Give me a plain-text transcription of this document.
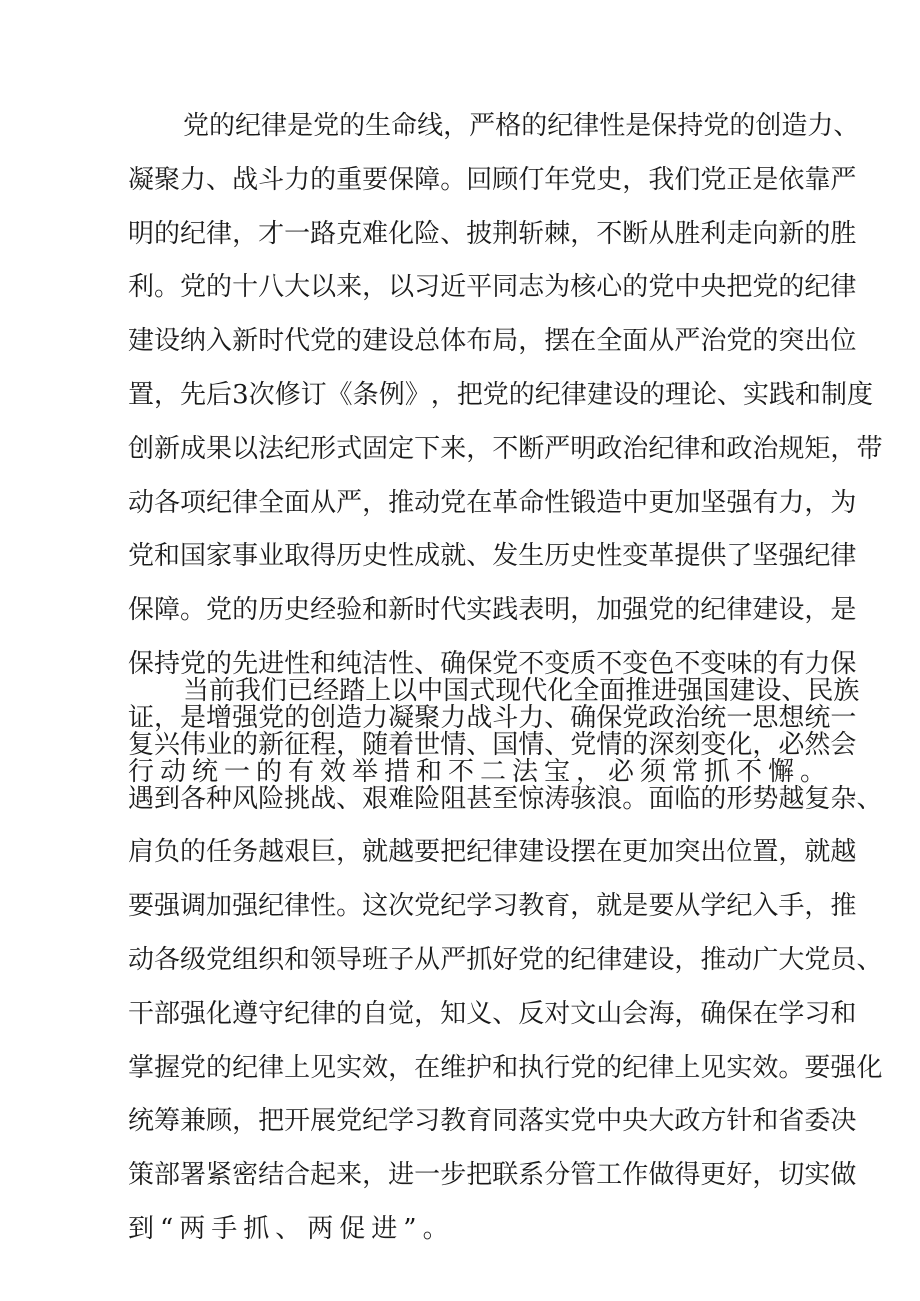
党 的 纪 律 是 党 的 生 命 线 ， 严 格 的 纪 律 性 是 保 持 党 的 创 造 力 、
凝 聚 力 、 战 斗 力 的 重 要 保 障 。 回 顾 仃 年 党 史 ， 我 们 党 正 是 依 靠 严
明 的 纪 律 ， 才 一 路 克 难 化 险 、 披 荆 斩 棘 ， 不 断 从 胜 利 走 向 新 的 胜
利 。 党 的 十 八 大 以 来 ， 以 习 近 平 同 志 为 核 心 的 党 中 央 把 党 的 纪 律
建 设 纳 入 新 时 代 党 的 建 设 总 体 布 局 ， 摆 在 全 面 从 严 治 党 的 突 出 位
置 ， 先 后 3 次 修 订 《 条 例 》 ， 把 党 的 纪 律 建 设 的 理 论 、 实 践 和 制 度
创 新 成 果 以 法 纪 形 式 固 定 下 来 ， 不 断 严 明 政 治 纪 律 和 政 治 规 矩 ， 带
动 各 项 纪 律 全 面 从 严 ， 推 动 党 在 革 命 性 锻 造 中 更 加 坚 强 有 力 ， 为
党 和 国 家 事 业 取 得 历 史 性 成 就 、 发 生 历 史 性 变 革 提 供 了 坚 强 纪 律
保 障 。 党 的 历 史 经 验 和 新 时 代 实 践 表 明 ， 加 强 党 的 纪 律 建 设 ， 是
保 持 党 的 先 进 性 和 纯 洁 性 、 确 保 党 不 变 质 不 变 色 不 变 味 的 有 力 保
证 ， 是 增 强 党 的 创 造 力 凝 聚 力 战 斗 力 、 确 保 党 政 治 统 一 思 想 统 一
行动统一的有效举措和不二法宝，必须常抓不懈。
当 前 我 们 已 经 踏 上 以 中 国 式 现 代 化 全 面 推 进 强 国 建 设 、 民 族
复 兴 伟 业 的 新 征 程 ， 随 着 世 情 、 国 情 、 党 情 的 深 刻 变 化 ， 必 然 会
遇 到 各 种 风 险 挑 战 、 艰 难 险 阻 甚 至 惊 涛 骇 浪 。 面 临 的 形 势 越 复 杂 、
肩 负 的 任 务 越 艰 巨 ， 就 越 要 把 纪 律 建 设 摆 在 更 加 突 出 位 置 ， 就 越
要 强 调 加 强 纪 律 性 。 这 次 党 纪 学 习 教 育 ， 就 是 要 从 学 纪 入 手 ， 推
动 各 级 党 组 织 和 领 导 班 子 从 严 抓 好 党 的 纪 律 建 设 ， 推 动 广 大 党 员 、
干 部 强 化 遵 守 纪 律 的 自 觉 ， 知 义 、 反 对 文 山 会 海 ， 确 保 在 学 习 和
掌 握 党 的 纪 律 上 见 实 效 ， 在 维 护 和 执 行 党 的 纪 律 上 见 实 效 。 要 强 化
统 筹 兼 顾 ， 把 开 展 党 纪 学 习 教 育 同 落 实 党 中 央 大 政 方 针 和 省 委 决
策 部 署 紧 密 结 合 起 来 ， 进 一 步 把 联 系 分 管 工 作 做 得 更 好 ， 切 实 做
到“两手抓、两促进”。
